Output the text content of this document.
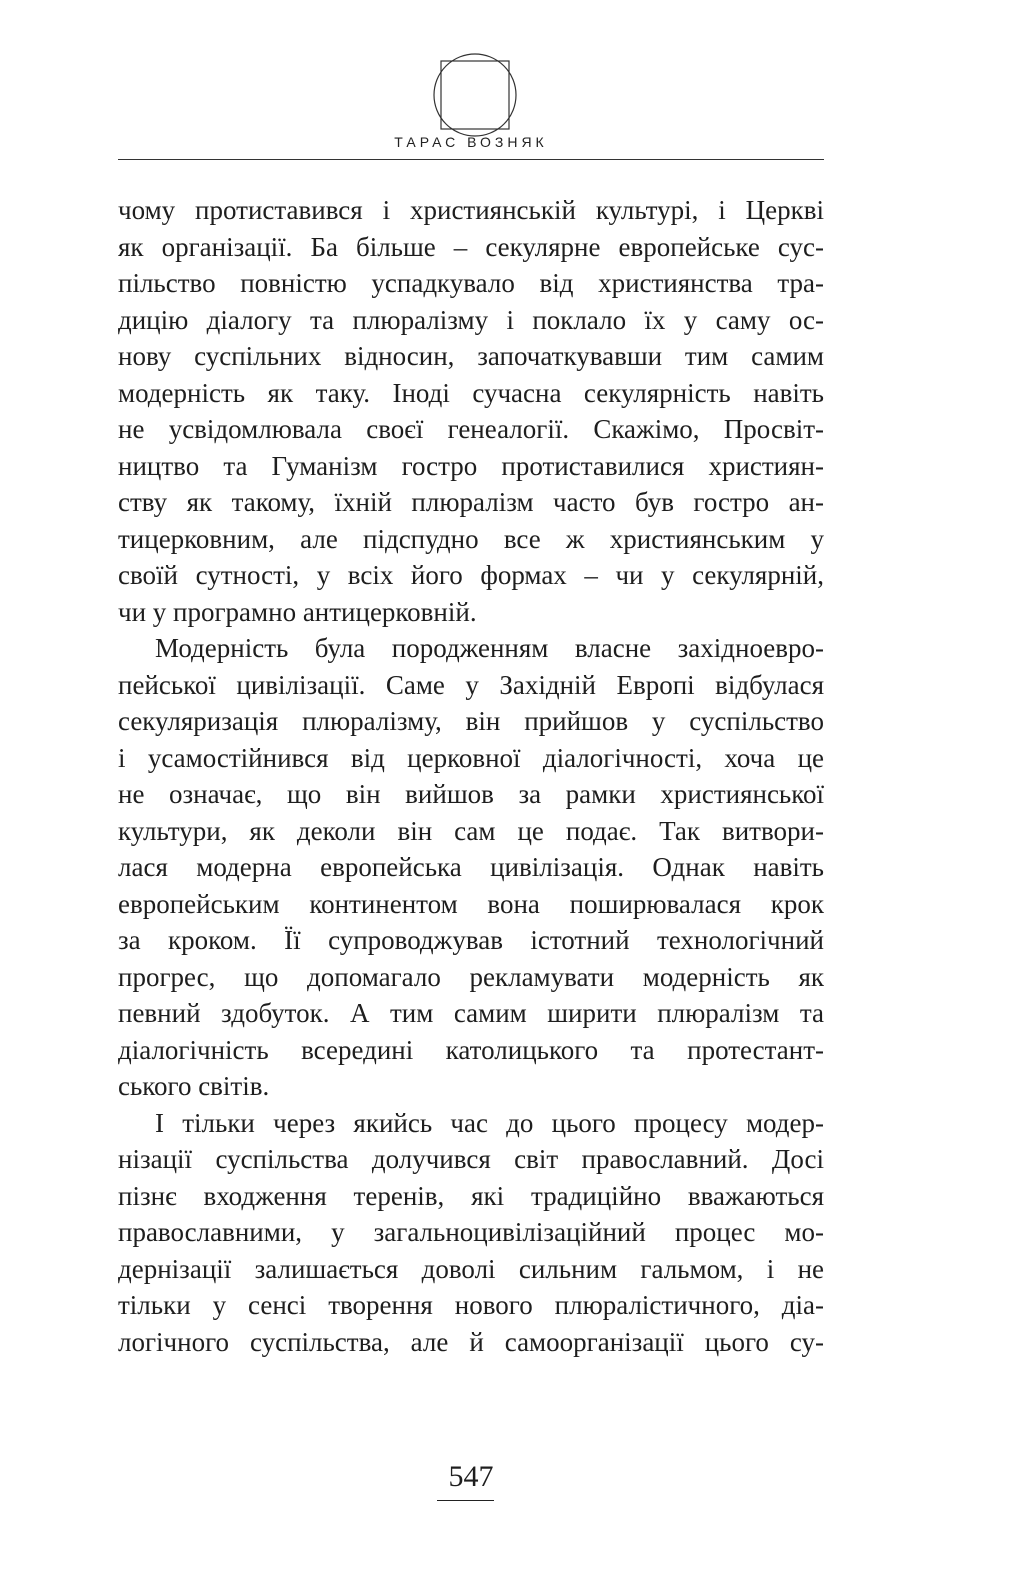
ТАРАС ВОЗНЯК
чому протиставився і християнській культурі, і Церкві
як організації. Ба більше – секулярне европейське сус-
пільство повністю успадкувало від християнства тра-
дицію діалогу та плюралізму і поклало їх у саму ос-
нову суспільних відносин, започаткувавши тим самим
модерність як таку. Іноді сучасна секулярність навіть
не усвідомлювала своєї генеалогії. Скажімо, Просвіт-
ництво та Гуманізм гостро протиставилися християн-
ству як такому, їхній плюралізм часто був гостро ан-
тицерковним, але підспудно все ж християнським у
своїй сутності, у всіх його формах – чи у секулярній,
чи у програмно антицерковній.
Модерність була породженням власне західноевро-
пейської цивілізації. Саме у Західній Европі відбулася
секуляризація плюралізму, він прийшов у суспільство
і усамостійнився від церковної діалогічності, хоча це
не означає, що він вийшов за рамки християнської
культури, як деколи він сам це подає. Так витвори-
лася модерна европейська цивілізація. Однак навіть
европейським континентом вона поширювалася крок
за кроком. Її супроводжував істотний технологічний
прогрес, що допомагало рекламувати модерність як
певний здобуток. А тим самим ширити плюралізм та
діалогічність всередині католицького та протестант-
ського світів.
І тільки через якийсь час до цього процесу модер-
нізації суспільства долучився світ православний. Досі
пізнє входження теренів, які традиційно вважаються
православними, у загальноцивілізаційний процес мо-
дернізації залишається доволі сильним гальмом, і не
тільки у сенсі творення нового плюралістичного, діа-
логічного суспільства, але й самоорганізації цього су-
547
